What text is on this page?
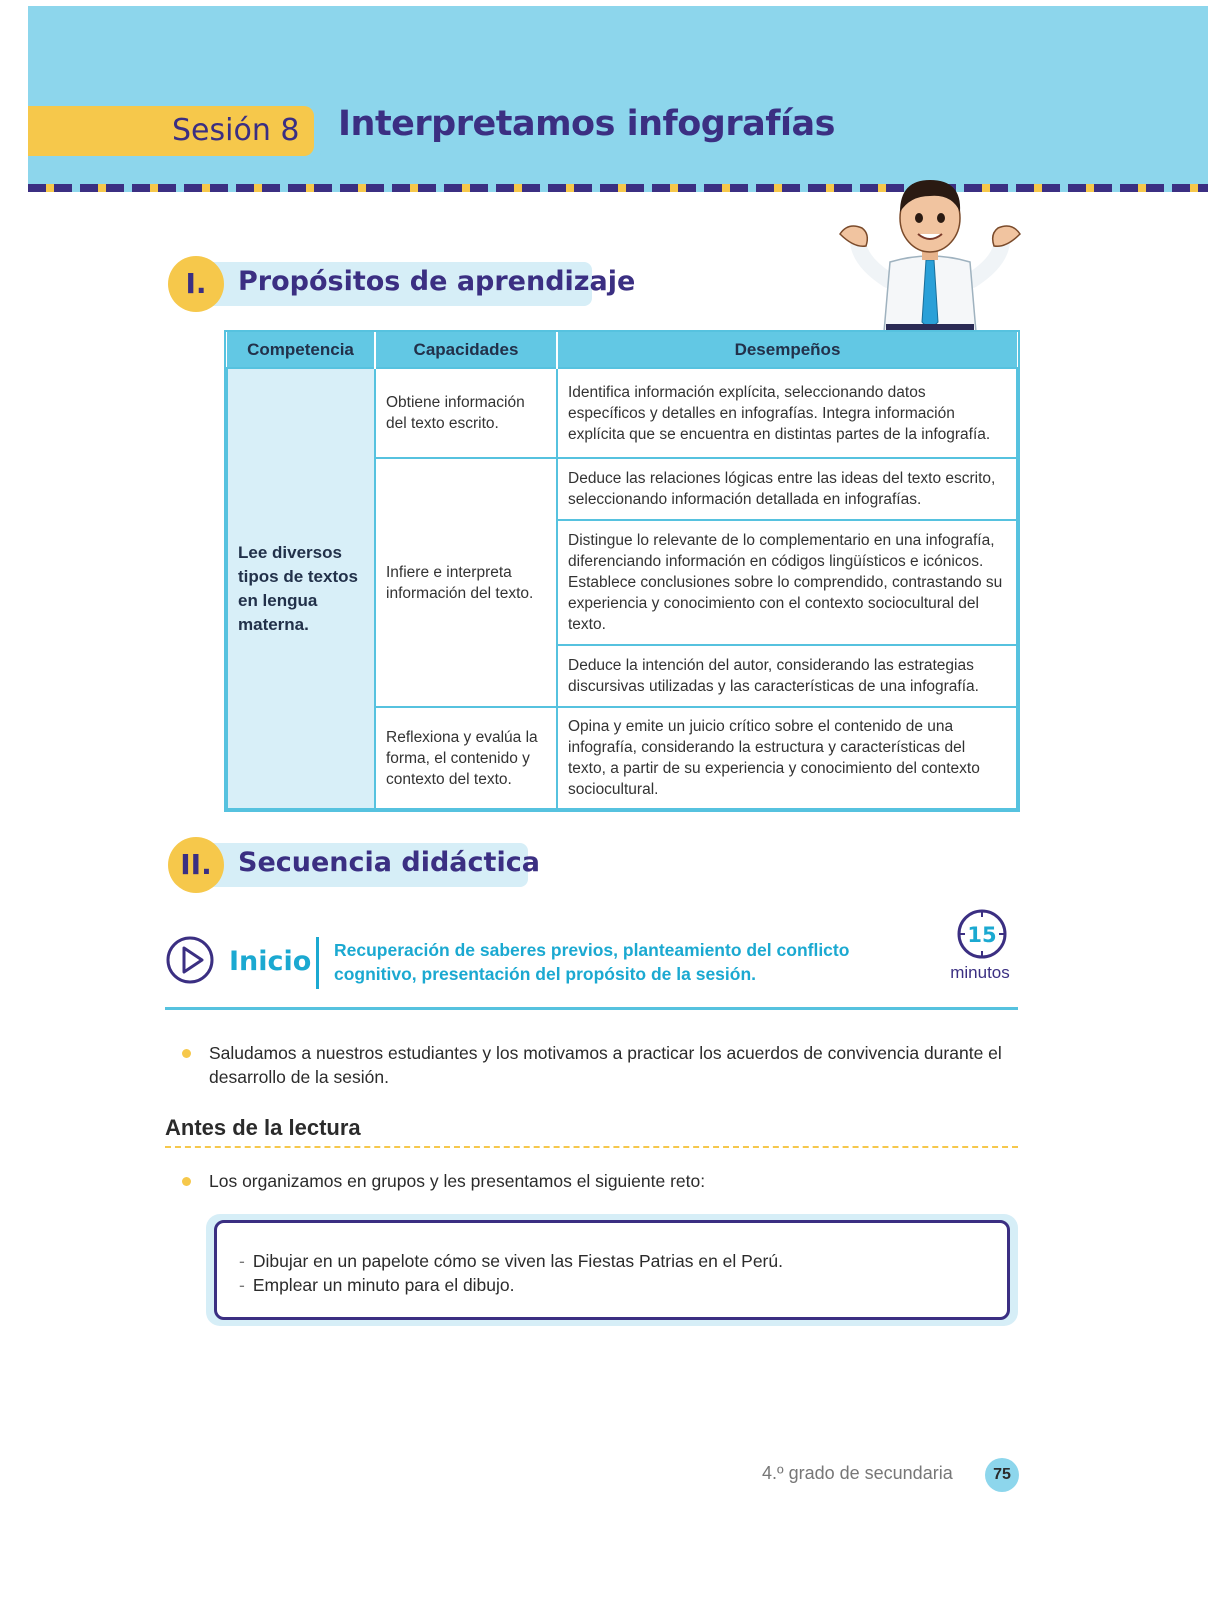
Sesión 8	Interpretamos infografías
I.	Propósitos de aprendizaje
Competencia	Capacidades	Desempeños
Lee diversos tipos de textos en lengua materna.	Obtiene información del texto escrito.	Identifica información explícita, seleccionando datos específicos y detalles en infografías. Integra información explícita que se encuentra en distintas partes de la infografía.
	Infiere e interpreta información del texto.	Deduce las relaciones lógicas entre las ideas del texto escrito, seleccionando información detallada en infografías.
		Distingue lo relevante de lo complementario en una infografía, diferenciando información en códigos lingüísticos e icónicos. Establece conclusiones sobre lo comprendido, contrastando su experiencia y conocimiento con el contexto sociocultural del texto.
		Deduce la intención del autor, considerando las estrategias discursivas utilizadas y las características de una infografía.
	Reflexiona y evalúa la forma, el contenido y contexto del texto.	Opina y emite un juicio crítico sobre el contenido de una infografía, considerando la estructura y características del texto, a partir de su experiencia y conocimiento del contexto sociocultural.
II. Secuencia didáctica
Inicio Recuperación de saberes previos, planteamiento del conflicto cognitivo, presentación del propósito de la sesión.
15
minutos

Saludamos a nuestros estudiantes y los motivamos a practicar los acuerdos de convivencia durante el desarrollo de la sesión.

Antes de la lectura

Los organizamos en grupos y les presentamos el siguiente reto:

- Dibujar en un papelote cómo se viven las Fiestas Patrias en el Perú.
- Emplear un minuto para el dibujo.
4.º grado de secundaria	75
